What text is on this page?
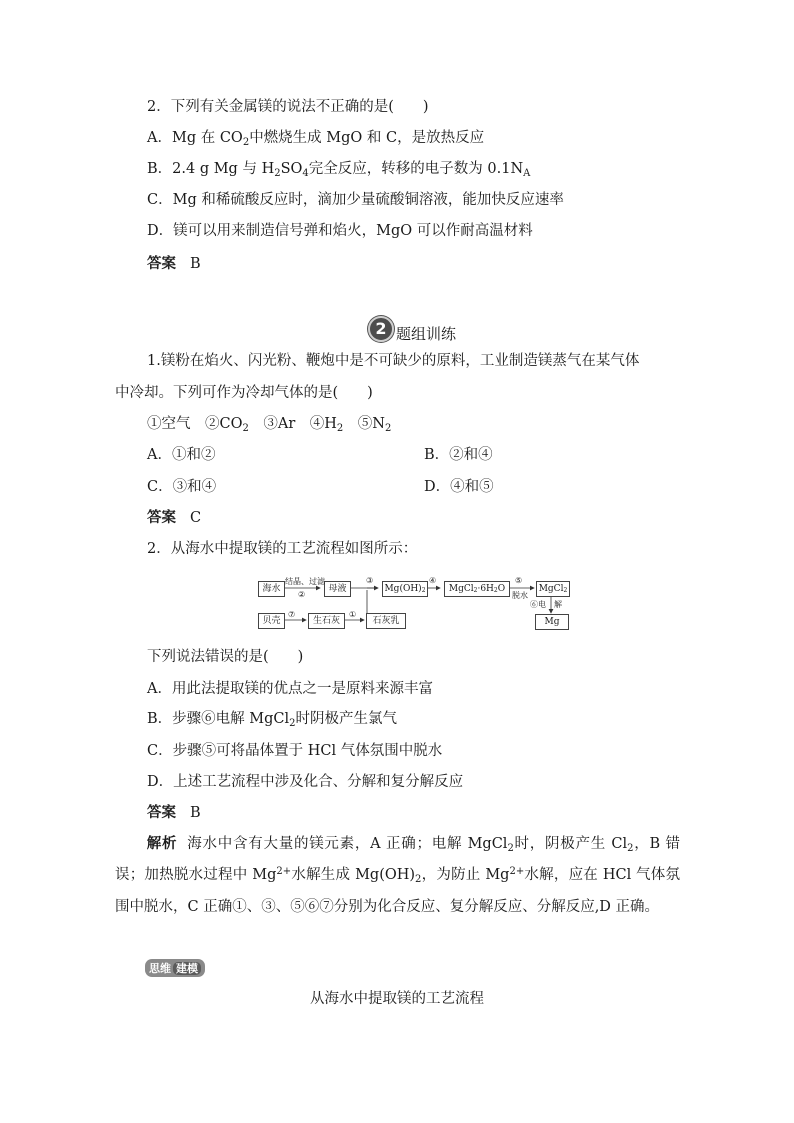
2．下列有关金属镁的说法不正确的是(　　)
A．Mg 在 $CO_2$中燃烧生成 MgO 和 C，是放热反应
B．2.4 g Mg 与 $H_2SO_4$完全反应，转移的电子数为 $0.1N_A$
C．Mg 和稀硫酸反应时，滴加少量硫酸铜溶液，能加快反应速率
D．镁可以用来制造信号弹和焰火，MgO 可以作耐高温材料
答案 B
2 题组训练
1.镁粉在焰火、闪光粉、鞭炮中是不可缺少的原料，工业制造镁蒸气在某气体
中冷却。下列可作为冷却气体的是(　　)
①空气　$②CO_2$　③Ar　$④H_2$　$⑤N_2$
A．①和②	B．②和④
C．③和④	D．④和⑤
答案 C
2．从海水中提取镁的工艺流程如图所示：
海水	母液	$Mg(OH)_2$	$MgCl_2\cdot 6H_2O$	MgCl$_2$
Mg
贝壳	生石灰	石灰乳
结晶、过滤
②
③	④	⑤
脱水
⑥电　解
⑦	①
下列说法错误的是(　　)
A．用此法提取镁的优点之一是原料来源丰富
B．步骤⑥电解 MgCl$_2$时阴极产生氯气
C．步骤⑤可将晶体置于 HCl 气体氛围中脱水
D．上述工艺流程中涉及化合、分解和复分解反应
答案 B
解析 海水中含有大量的镁元素，A 正确；电解 MgCl$_2$时，阴极产生 $Cl_2$，B 错误；加热脱水过程中 $Mg^{2+}$水解生成 $Mg(OH)_2$，为防止 $Mg^{2+}$水解，应在 HCl 气体氛围中脱水，C 正确①、③、⑤⑥⑦分别为化合反应、复分解反应、分解反应,D 正确。
思维 建模
从海水中提取镁的工艺流程
